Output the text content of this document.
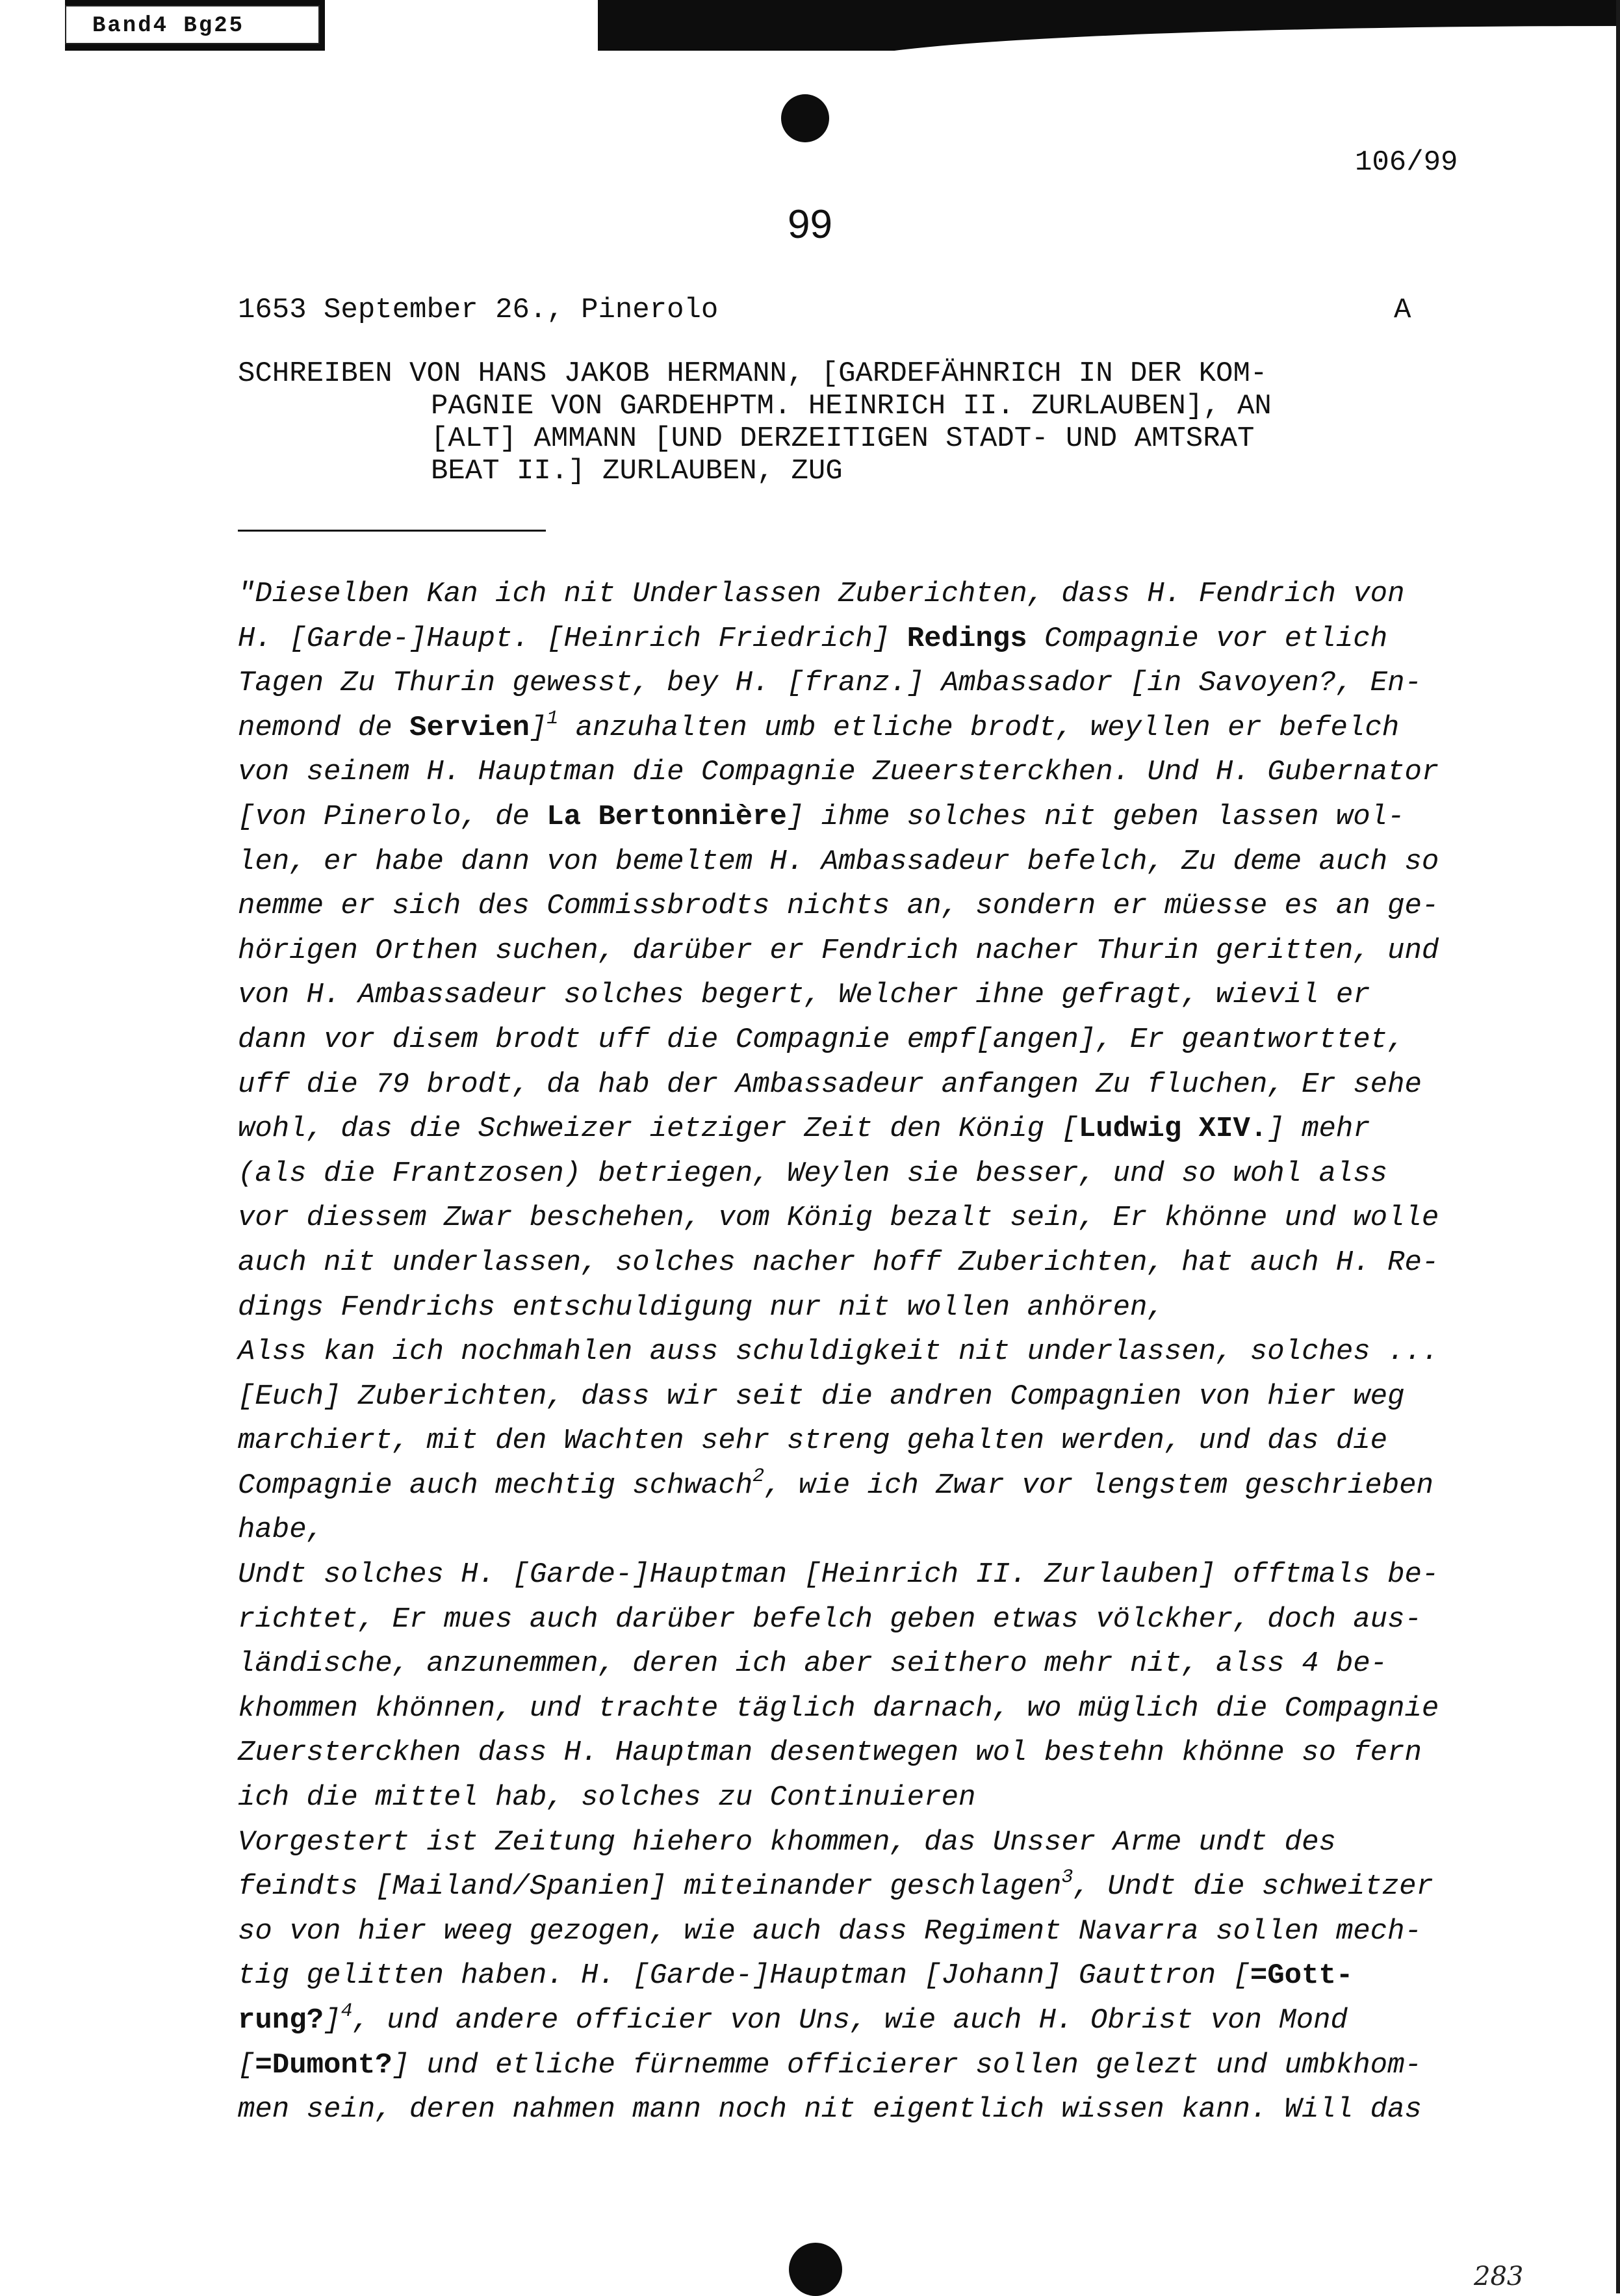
Band4 Bg25
106/99
99
1653 September 26., Pinerolo	A
SCHREIBEN VON HANS JAKOB HERMANN, [GARDEFÄHNRICH IN DER KOM-
PAGNIE VON GARDEHPTM. HEINRICH II. ZURLAUBEN], AN
[ALT] AMMANN [UND DERZEITIGEN STADT- UND AMTSRAT
BEAT II.] ZURLAUBEN, ZUG
"Dieselben Kan ich nit Underlassen Zuberichten, dass H. Fendrich von
H. [Garde-]Haupt. [Heinrich Friedrich] Redings Compagnie vor etlich
Tagen Zu Thurin gewesst, bey H. [franz.] Ambassador [in Savoyen?, En-
nemond de Servien]$^1$ anzuhalten umb etliche brodt, weyllen er befelch
von seinem H. Hauptman die Compagnie Zueersterckhen. Und H. Gubernator
[von Pinerolo, de La Bertonnière] ihme solches nit geben lassen wol-
len, er habe dann von bemeltem H. Ambassadeur befelch, Zu deme auch so
nemme er sich des Commissbrodts nichts an, sondern er müesse es an ge-
hörigen Orthen suchen, darüber er Fendrich nacher Thurin geritten, und
von H. Ambassadeur solches begert, Welcher ihne gefragt, wievil er
dann vor disem brodt uff die Compagnie empf[angen], Er geantworttet,
uff die 79 brodt, da hab der Ambassadeur anfangen Zu fluchen, Er sehe
wohl, das die Schweizer ietziger Zeit den König [Ludwig XIV.] mehr
(als die Frantzosen) betriegen, Weylen sie besser, und so wohl alss
vor diessem Zwar beschehen, vom König bezalt sein, Er khönne und wolle
auch nit underlassen, solches nacher hoff Zuberichten, hat auch H. Re-
dings Fendrichs entschuldigung nur nit wollen anhören,
Alss kan ich nochmahlen auss schuldigkeit nit underlassen, solches ...
[Euch] Zuberichten, dass wir seit die andren Compagnien von hier weg
marchiert, mit den Wachten sehr streng gehalten werden, und das die
Compagnie auch mechtig schwach$^2$, wie ich Zwar vor lengstem geschrieben
habe,
Undt solches H. [Garde-]Hauptman [Heinrich II. Zurlauben] offtmals be-
richtet, Er mues auch darüber befelch geben etwas völckher, doch aus-
ländische, anzunemmen, deren ich aber seithero mehr nit, alss 4 be-
khommen khönnen, und trachte täglich darnach, wo müglich die Compagnie
Zuersterckhen dass H. Hauptman desentwegen wol bestehn khönne so fern
ich die mittel hab, solches zu Continuieren
Vorgestert ist Zeitung hiehero khommen, das Unsser Arme undt des
feindts [Mailand/Spanien] miteinander geschlagen$^3$, Undt die schweitzer
so von hier weeg gezogen, wie auch dass Regiment Navarra sollen mech-
tig gelitten haben. H. [Garde-]Hauptman [Johann] Gauttron [=Gott-
rung?]$^4$, und andere officier von Uns, wie auch H. Obrist von Mond
[=Dumont?] und etliche fürnemme officierer sollen gelezt und umbkhom-
men sein, deren nahmen mann noch nit eigentlich wissen kann. Will das
283
